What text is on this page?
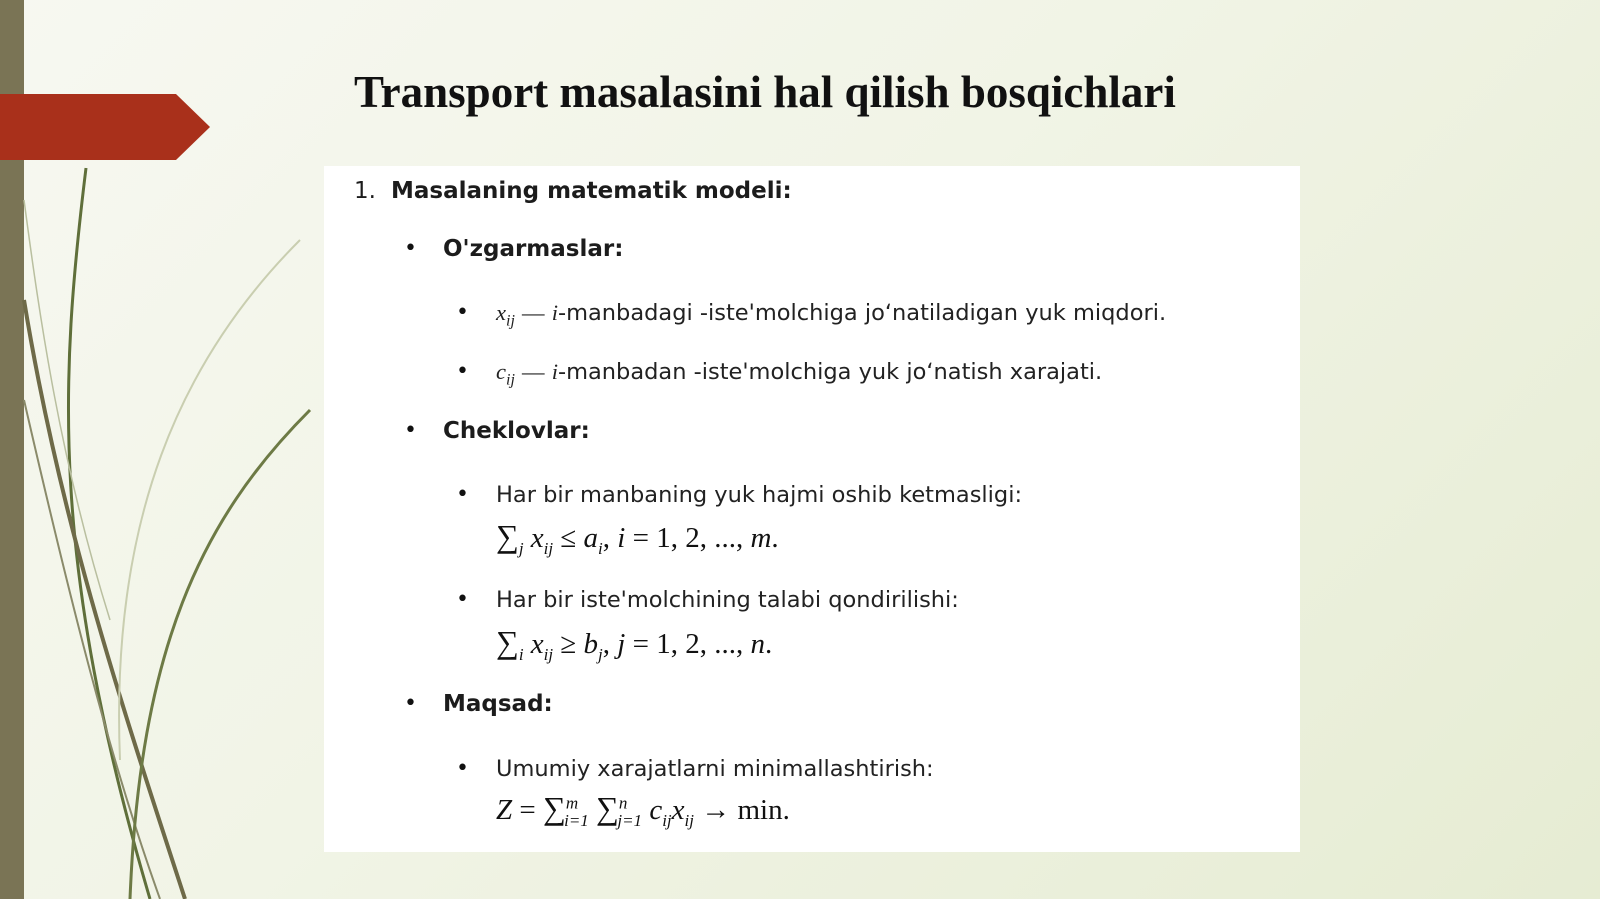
Transport masalasini hal qilish bosqichlari
1. Masalaning matematik modeli:
• O'zgarmaslar:
• $x_{ij}$ — i-manbadagi -iste'molchiga joʻnatiladigan yuk miqdori.
• $c_{ij}$ — i-manbadan -iste'molchiga yuk joʻnatish xarajati.
• Cheklovlar:
• Har bir manbaning yuk hajmi oshib ketmasligi:
$\sum_j$ $x_{ij} \le a_i$, i = 1, 2, ..., m.
• Har bir iste'molchining talabi qondirilishi:
$\sum_i$ $x_{ij} \ge b_j$, j = 1, 2, ..., n.
• Maqsad:
• Umumiy xarajatlarni minimallashtirish:
Z = ∑$^m_{i=1}$ ∑$^n_{j=1}$ $c_{ij}x_{ij} \to \min$.
